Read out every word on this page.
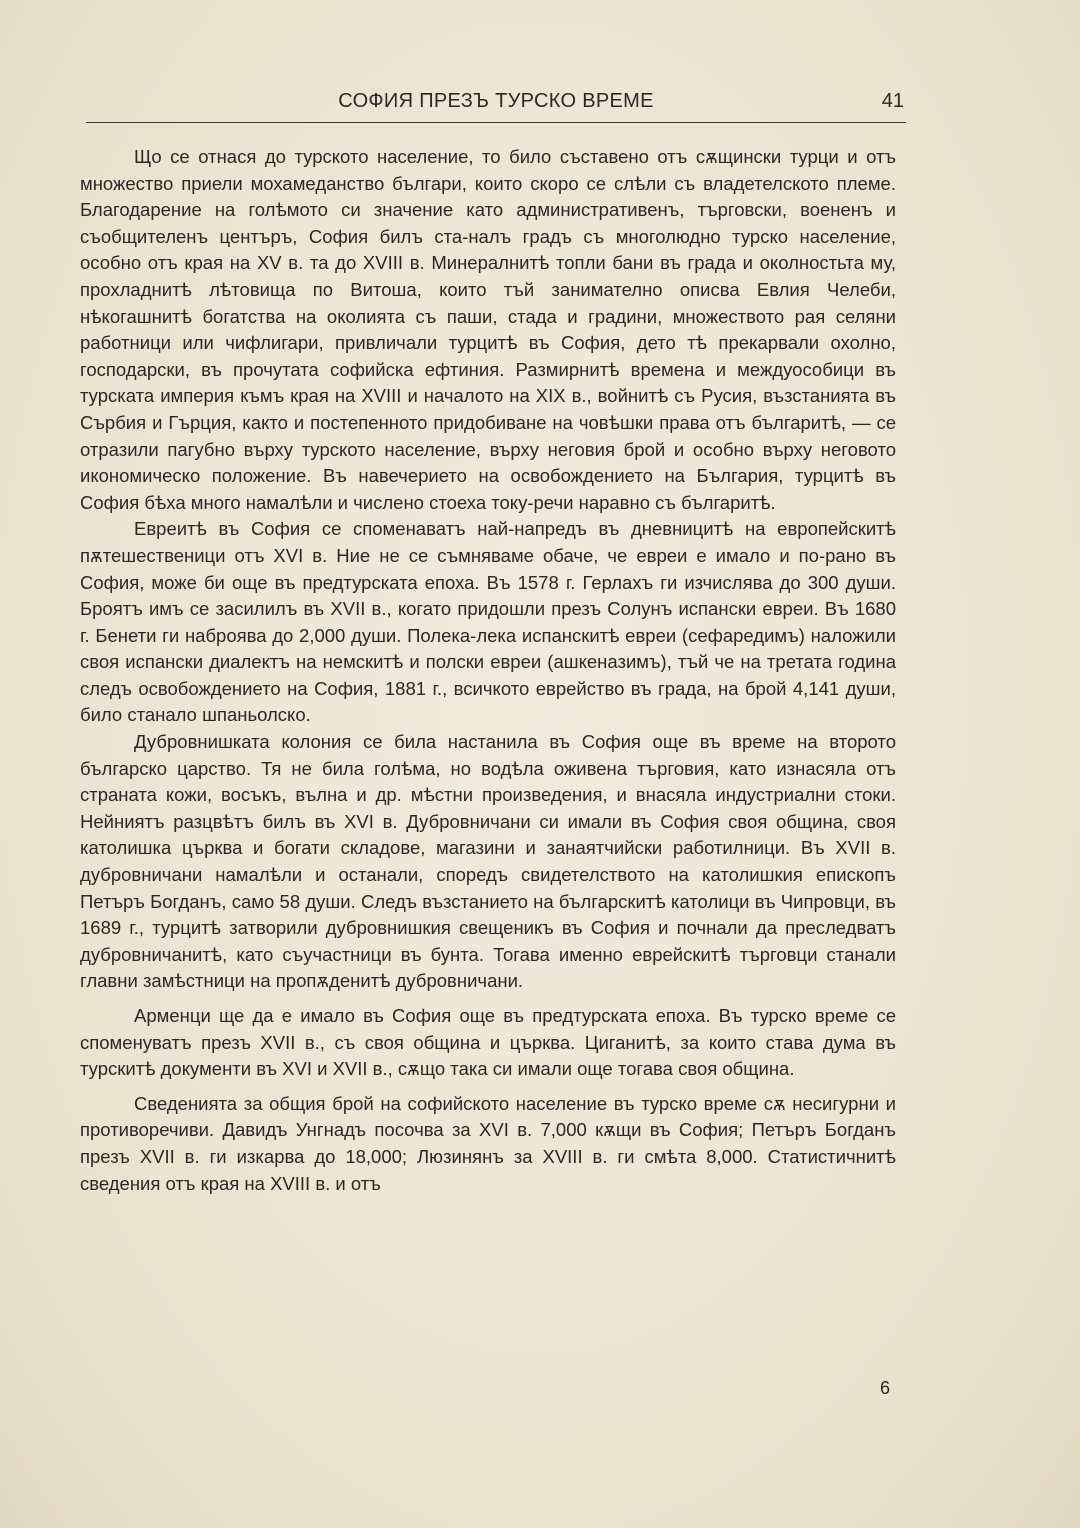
СОФИЯ ПРЕЗЪ ТУРСКО ВРЕМЕ	41

Що се отнася до турското население, то било съставено отъ сѫщински турци и отъ множество приели мохамеданство българи, които скоро се слѣли съ владетелското племе. Благодарение на голѣмото си значение като административенъ, търговски, воененъ и съобщителенъ центъръ, София билъ ста-налъ градъ съ многолюдно турско население, особно отъ края на XV в. та до XVIII в. Минералнитѣ топли бани въ града и околностьта му, прохладнитѣ лѣтовища по Витоша, които тъй занимателно описва Евлия Челеби, нѣкогашнитѣ богатства на околията съ паши, стада и градини, множеството рая селяни работници или чифлигари, привличали турцитѣ въ София, дето тѣ прекарвали охолно, господарски, въ прочутата софийска ефтиния. Размирнитѣ времена и междуособици въ турската империя къмъ края на XVIII и началото на XIX в., войнитѣ съ Русия, възстанията въ Сърбия и Гърция, както и постепенното придобиване на човѣшки права отъ българитѣ, — се отразили пагубно върху турското население, върху неговия брой и особно върху неговото икономическо положение. Въ навечерието на освобождението на България, турцитѣ въ София бѣха много намалѣли и числено стоеха току-речи наравно съ българитѣ.

Евреитѣ въ София се споменаватъ най-напредъ въ дневницитѣ на европейскитѣ пѫтешественици отъ XVI в. Ние не се съмняваме обаче, че евреи е имало и по-рано въ София, може би още въ предтурската епоха. Въ 1578 г. Герлахъ ги изчислява до 300 души. Броятъ имъ се засилилъ въ XVII в., когато придошли презъ Солунъ испански евреи. Въ 1680 г. Бенети ги наброява до 2,000 души. Полека-лека испанскитѣ евреи (сефаредимъ) наложили своя испански диалектъ на немскитѣ и полски евреи (ашкеназимъ), тъй че на третата година следъ освобождението на София, 1881 г., всичкото еврейство въ града, на брой 4,141 души, било станало шпаньолско.

Дубровнишката колония се била настанила въ София още въ време на второто българско царство. Тя не била голѣма, но водѣла оживена търговия, като изнасяла отъ страната кожи, восъкъ, вълна и др. мѣстни произведения, и внасяла индустриални стоки. Нейниятъ разцвѣтъ билъ въ XVI в. Дубровничани си имали въ София своя община, своя католишка църква и богати складове, магазини и занаятчийски работилници. Въ XVII в. дубровничани намалѣли и останали, споредъ свидетелството на католишкия епископъ Петъръ Богданъ, само 58 души. Следъ възстанието на българскитѣ католици въ Чипровци, въ 1689 г., турцитѣ затворили дубровнишкия свещеникъ въ София и почнали да преследватъ дубровничанитѣ, като съучастници въ бунта. Тогава именно еврейскитѣ търговци станали главни замѣстници на пропѫденитѣ дубровничани.

Арменци ще да е имало въ София още въ предтурската епоха. Въ турско време се споменуватъ презъ XVII в., съ своя община и църква. Циганитѣ, за които става дума въ турскитѣ документи въ XVI и XVII в., сѫщо така си имали още тогава своя община.

Сведенията за общия брой на софийското население въ турско време сѫ несигурни и противоречиви. Давидъ Унгнадъ посочва за XVI в. 7,000 кѫщи въ София; Петъръ Богданъ презъ XVII в. ги изкарва до 18,000; Люзинянъ за XVIII в. ги смѣта 8,000. Статистичнитѣ сведения отъ края на XVIII в. и отъ

6
